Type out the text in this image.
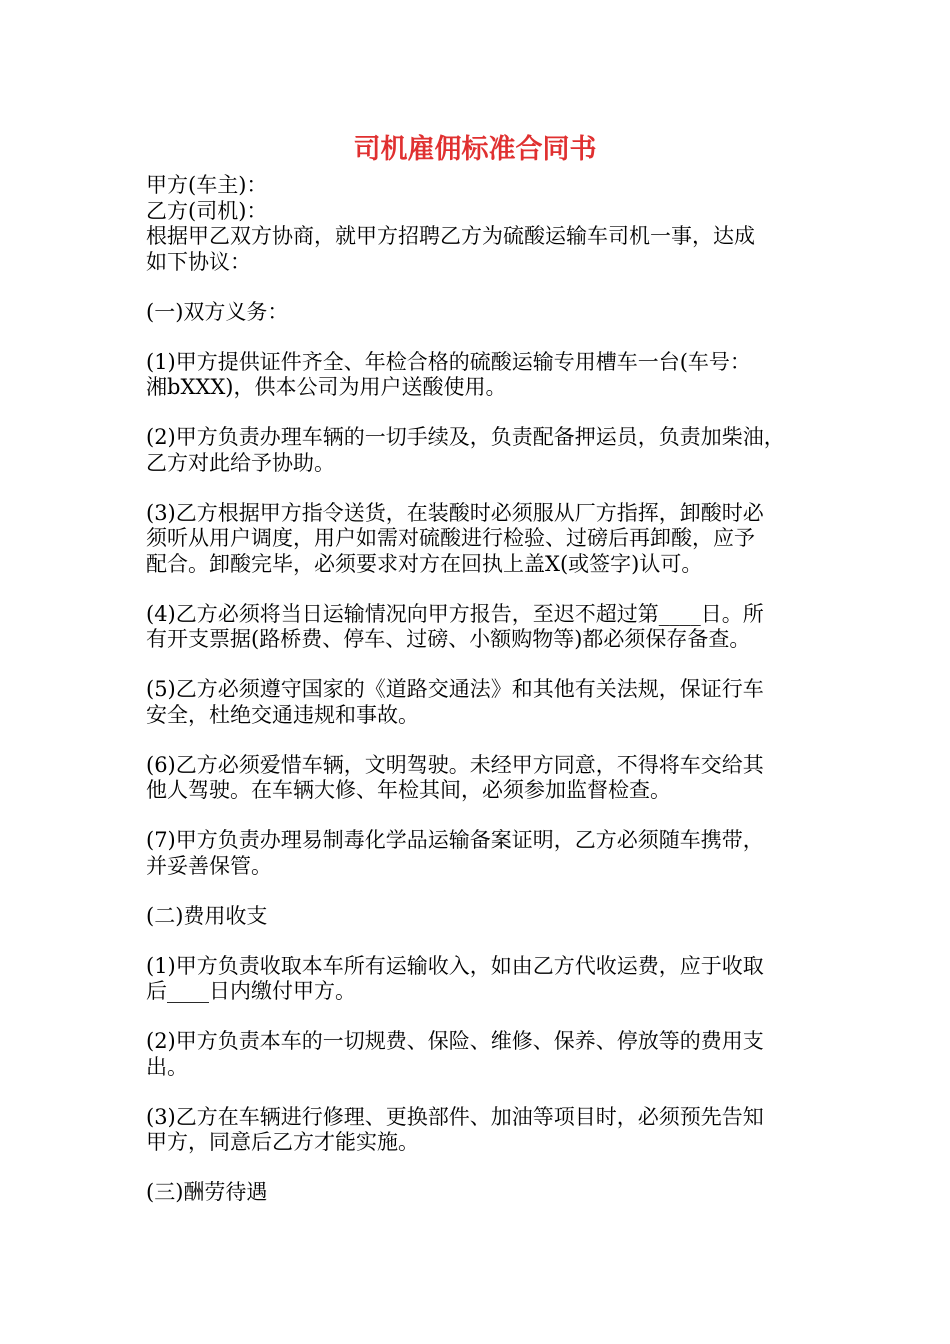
司机雇佣标准合同书

甲方(车主)：

乙方(司机)：

根据甲乙双方协商，就甲方招聘乙方为硫酸运输车司机一事，达成

如下协议：

(一)双方义务：

(1)甲方提供证件齐全、年检合格的硫酸运输专用槽车一台(车号：

湘bXXX)，供本公司为用户送酸使用。

(2)甲方负责办理车辆的一切手续及，负责配备押运员，负责加柴油，

乙方对此给予协助。

(3)乙方根据甲方指令送货，在装酸时必须服从厂方指挥，卸酸时必

须听从用户调度，用户如需对硫酸进行检验、过磅后再卸酸，应予

配合。卸酸完毕，必须要求对方在回执上盖X(或签字)认可。

(4)乙方必须将当日运输情况向甲方报告，至迟不超过第____日。所

有开支票据(路桥费、停车、过磅、小额购物等)都必须保存备查。

(5)乙方必须遵守国家的《道路交通法》和其他有关法规，保证行车

安全，杜绝交通违规和事故。

(6)乙方必须爱惜车辆，文明驾驶。未经甲方同意，不得将车交给其

他人驾驶。在车辆大修、年检其间，必须参加监督检查。

(7)甲方负责办理易制毒化学品运输备案证明，乙方必须随车携带，

并妥善保管。

(二)费用收支

(1)甲方负责收取本车所有运输收入，如由乙方代收运费，应于收取

后____日内缴付甲方。

(2)甲方负责本车的一切规费、保险、维修、保养、停放等的费用支

出。

(3)乙方在车辆进行修理、更换部件、加油等项目时，必须预先告知

甲方，同意后乙方才能实施。

(三)酬劳待遇
